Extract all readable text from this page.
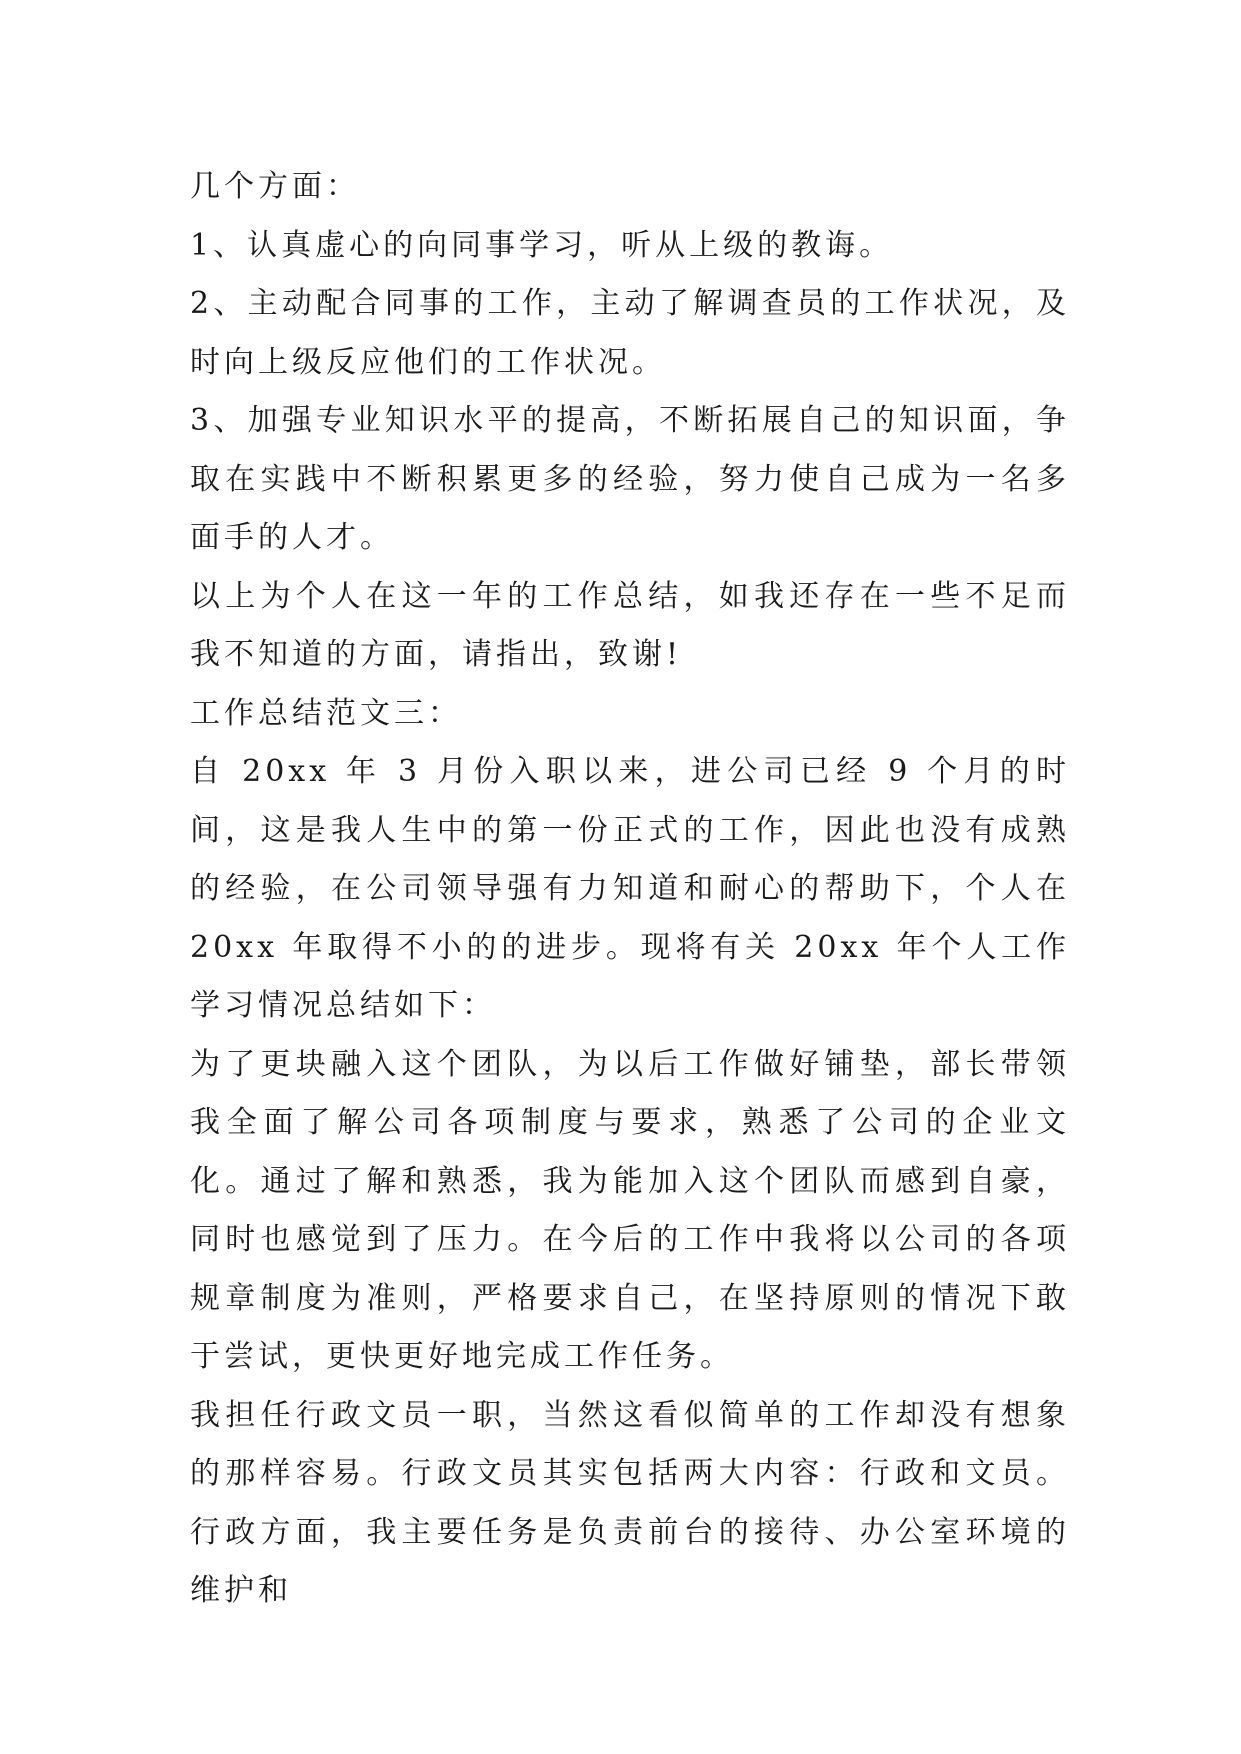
几个方面：

1、认真虚心的向同事学习，听从上级的教诲。

2、主动配合同事的工作，主动了解调查员的工作状况，及时向上级反应他们的工作状况。

3、加强专业知识水平的提高，不断拓展自己的知识面，争取在实践中不断积累更多的经验，努力使自己成为一名多面手的人才。

以上为个人在这一年的工作总结，如我还存在一些不足而我不知道的方面，请指出，致谢!

工作总结范文三：

自 20xx 年 3 月份入职以来，进公司已经 9 个月的时间，这是我人生中的第一份正式的工作，因此也没有成熟的经验，在公司领导强有力知道和耐心的帮助下，个人在 20xx 年取得不小的的进步。现将有关 20xx 年个人工作学习情况总结如下：

为了更块融入这个团队，为以后工作做好铺垫，部长带领我全面了解公司各项制度与要求，熟悉了公司的企业文化。通过了解和熟悉，我为能加入这个团队而感到自豪，同时也感觉到了压力。在今后的工作中我将以公司的各项规章制度为准则，严格要求自己，在坚持原则的情况下敢于尝试，更快更好地完成工作任务。

我担任行政文员一职，当然这看似简单的工作却没有想象的那样容易。行政文员其实包括两大内容：行政和文员。行政方面，我主要任务是负责前台的接待、办公室环境的维护和
